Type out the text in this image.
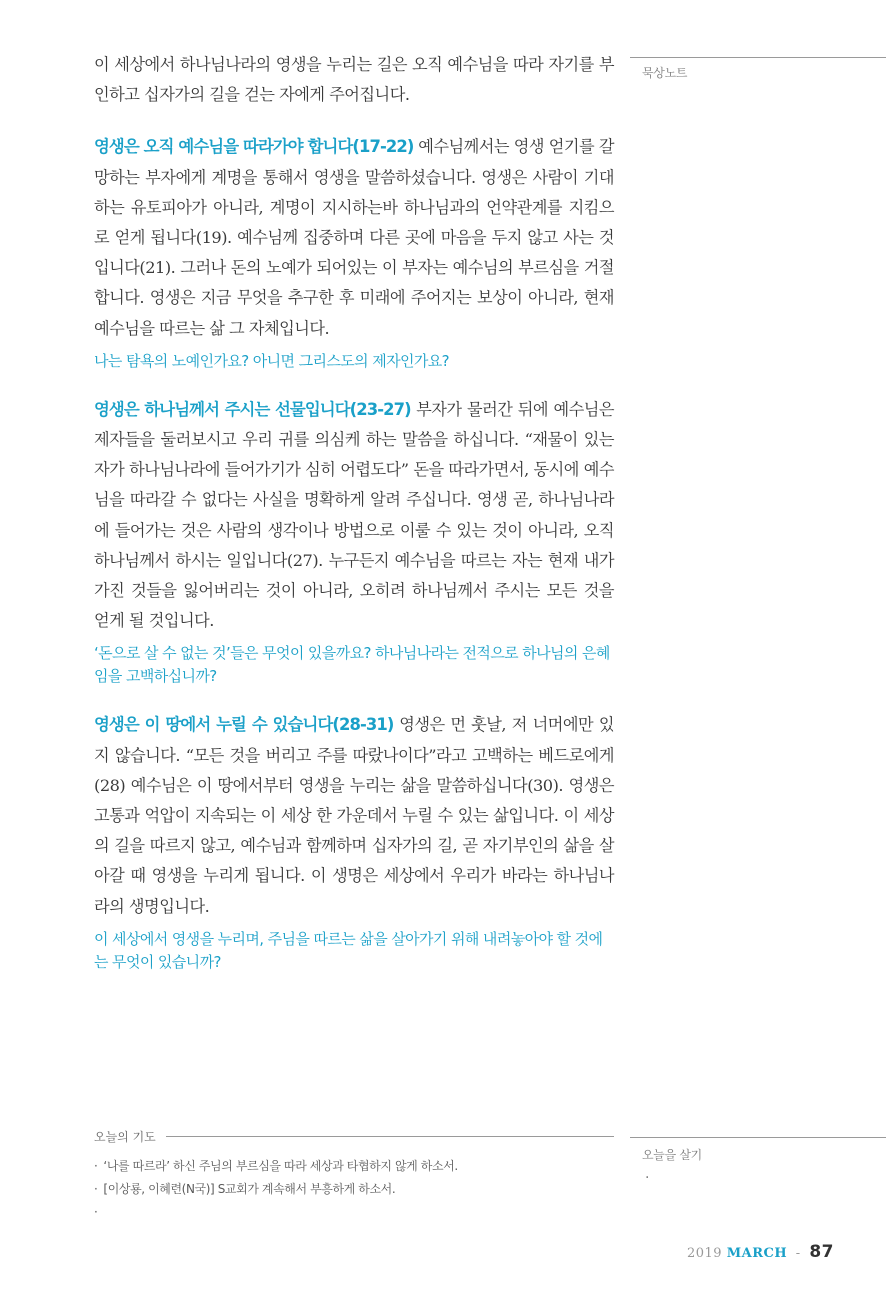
이 세상에서 하나님나라의 영생을 누리는 길은 오직 예수님을 따라 자기를 부인하고 십자가의 길을 걷는 자에게 주어집니다.

영생은 오직 예수님을 따라가야 합니다(17-22) 예수님께서는 영생 얻기를 갈망하는 부자에게 계명을 통해서 영생을 말씀하셨습니다. 영생은 사람이 기대하는 유토피아가 아니라, 계명이 지시하는바 하나님과의 언약관계를 지킴으로 얻게 됩니다(19). 예수님께 집중하며 다른 곳에 마음을 두지 않고 사는 것입니다(21). 그러나 돈의 노예가 되어있는 이 부자는 예수님의 부르심을 거절합니다. 영생은 지금 무엇을 추구한 후 미래에 주어지는 보상이 아니라, 현재 예수님을 따르는 삶 그 자체입니다.

나는 탐욕의 노예인가요? 아니면 그리스도의 제자인가요?

영생은 하나님께서 주시는 선물입니다(23-27) 부자가 물러간 뒤에 예수님은 제자들을 둘러보시고 우리 귀를 의심케 하는 말씀을 하십니다. “재물이 있는 자가 하나님나라에 들어가기가 심히 어렵도다” 돈을 따라가면서, 동시에 예수님을 따라갈 수 없다는 사실을 명확하게 알려 주십니다. 영생 곧, 하나님나라에 들어가는 것은 사람의 생각이나 방법으로 이룰 수 있는 것이 아니라, 오직 하나님께서 하시는 일입니다(27). 누구든지 예수님을 따르는 자는 현재 내가 가진 것들을 잃어버리는 것이 아니라, 오히려 하나님께서 주시는 모든 것을 얻게 될 것입니다.

‘돈으로 살 수 없는 것’들은 무엇이 있을까요? 하나님나라는 전적으로 하나님의 은혜임을 고백하십니까?

영생은 이 땅에서 누릴 수 있습니다(28-31) 영생은 먼 훗날, 저 너머에만 있지 않습니다. “모든 것을 버리고 주를 따랐나이다”라고 고백하는 베드로에게(28) 예수님은 이 땅에서부터 영생을 누리는 삶을 말씀하십니다(30). 영생은 고통과 억압이 지속되는 이 세상 한 가운데서 누릴 수 있는 삶입니다. 이 세상의 길을 따르지 않고, 예수님과 함께하며 십자가의 길, 곧 자기부인의 삶을 살아갈 때 영생을 누리게 됩니다. 이 생명은 세상에서 우리가 바라는 하나님나라의 생명입니다.

이 세상에서 영생을 누리며, 주님을 따르는 삶을 살아가기 위해 내려놓아야 할 것에는 무엇이 있습니까?

묵상노트
오늘을 살기
·
오늘의 기도
· ‘나를 따르라’ 하신 주님의 부르심을 따라 세상과 타협하지 않게 하소서.
· [이상룡, 이혜련(N국)] S교회가 계속해서 부흥하게 하소서.
·
2019 MARCH - 87
